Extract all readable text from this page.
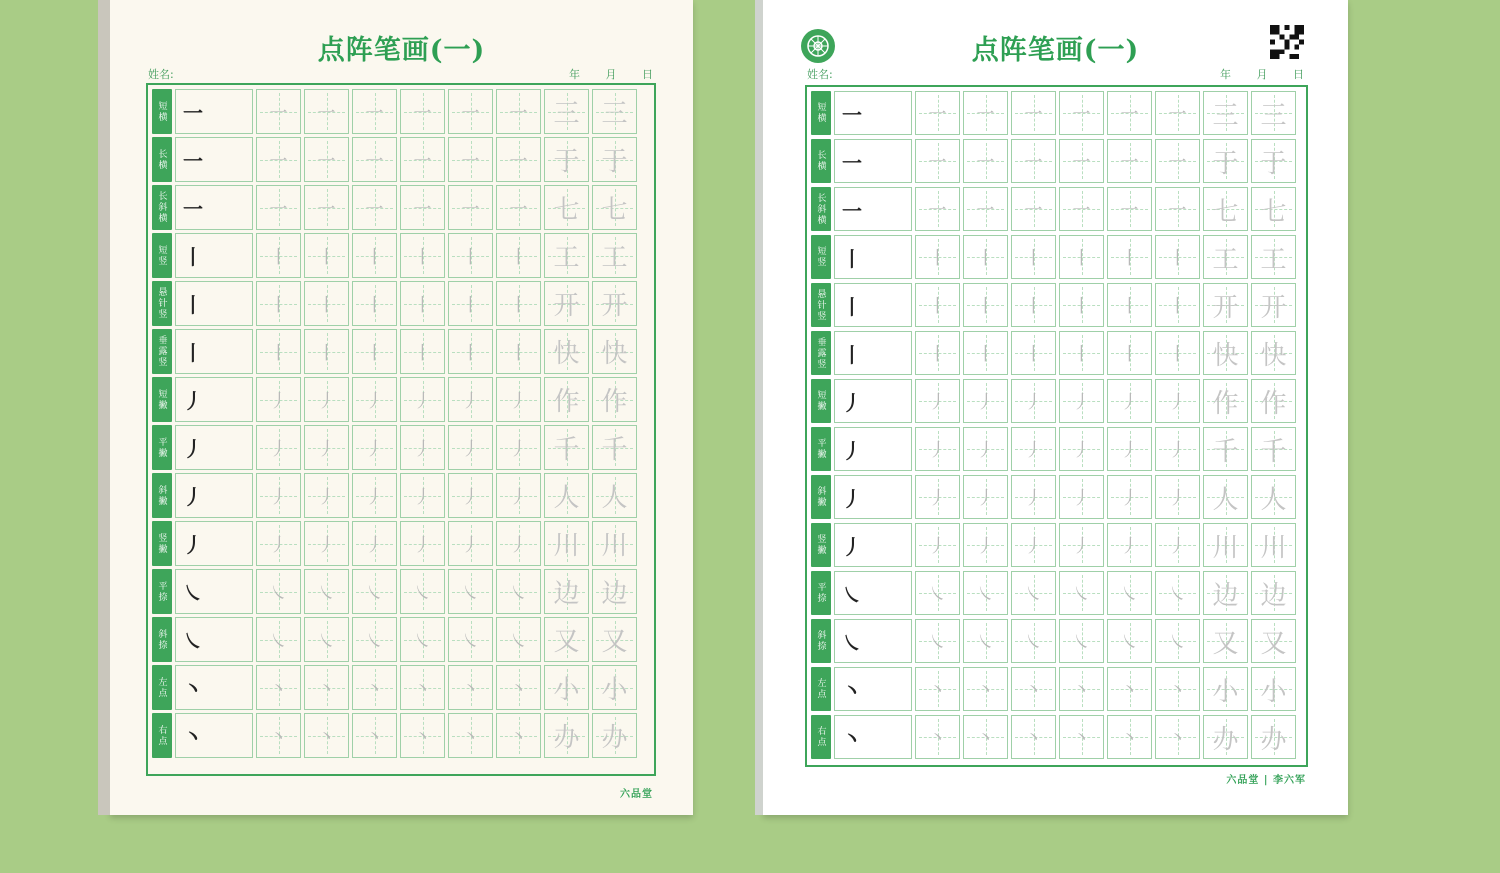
点阵笔画(一)
姓名:	年 月 日
短横 一	一 一 一 一 一 一 三 三
长横 一	一 一 一 一 一 一 于 于
长斜横 一	一 一 一 一 一 一 七 七
短竖 丨	丨 丨 丨 丨 丨 丨 工 工
悬针竖 丨	丨 丨 丨 丨 丨 丨 开 开
垂露竖 丨	丨 丨 丨 丨 丨 丨 快 快
短撇 丿	丿 丿 丿 丿 丿 丿 作 作
平撇 丿	丿 丿 丿 丿 丿 丿 千 千
斜撇 丿	丿 丿 丿 丿 丿 丿 人 人
竖撇 丿	丿 丿 丿 丿 丿 丿 川 川
平捺 ㇏	㇏ ㇏ ㇏ ㇏ ㇏ ㇏ 边 边
斜捺 ㇏	㇏ ㇏ ㇏ ㇏ ㇏ ㇏ 又 又
左点 丶	丶 丶 丶 丶 丶 丶 小 小
右点 丶	丶 丶 丶 丶 丶 丶 办 办
六品堂
点阵笔画(一)
姓名:	年 月 日
短横 一	一 一 一 一 一 一 三 三
长横 一	一 一 一 一 一 一 于 于
长斜横 一	一 一 一 一 一 一 七 七
短竖 丨	丨 丨 丨 丨 丨 丨 工 工
悬针竖 丨	丨 丨 丨 丨 丨 丨 开 开
垂露竖 丨	丨 丨 丨 丨 丨 丨 快 快
短撇 丿	丿 丿 丿 丿 丿 丿 作 作
平撇 丿	丿 丿 丿 丿 丿 丿 千 千
斜撇 丿	丿 丿 丿 丿 丿 丿 人 人
竖撇 丿	丿 丿 丿 丿 丿 丿 川 川
平捺 ㇏	㇏ ㇏ ㇏ ㇏ ㇏ ㇏ 边 边
斜捺 ㇏	㇏ ㇏ ㇏ ㇏ ㇏ ㇏ 又 又
左点 丶	丶 丶 丶 丶 丶 丶 小 小
右点 丶	丶 丶 丶 丶 丶 丶 办 办
六品堂 | 李六军
